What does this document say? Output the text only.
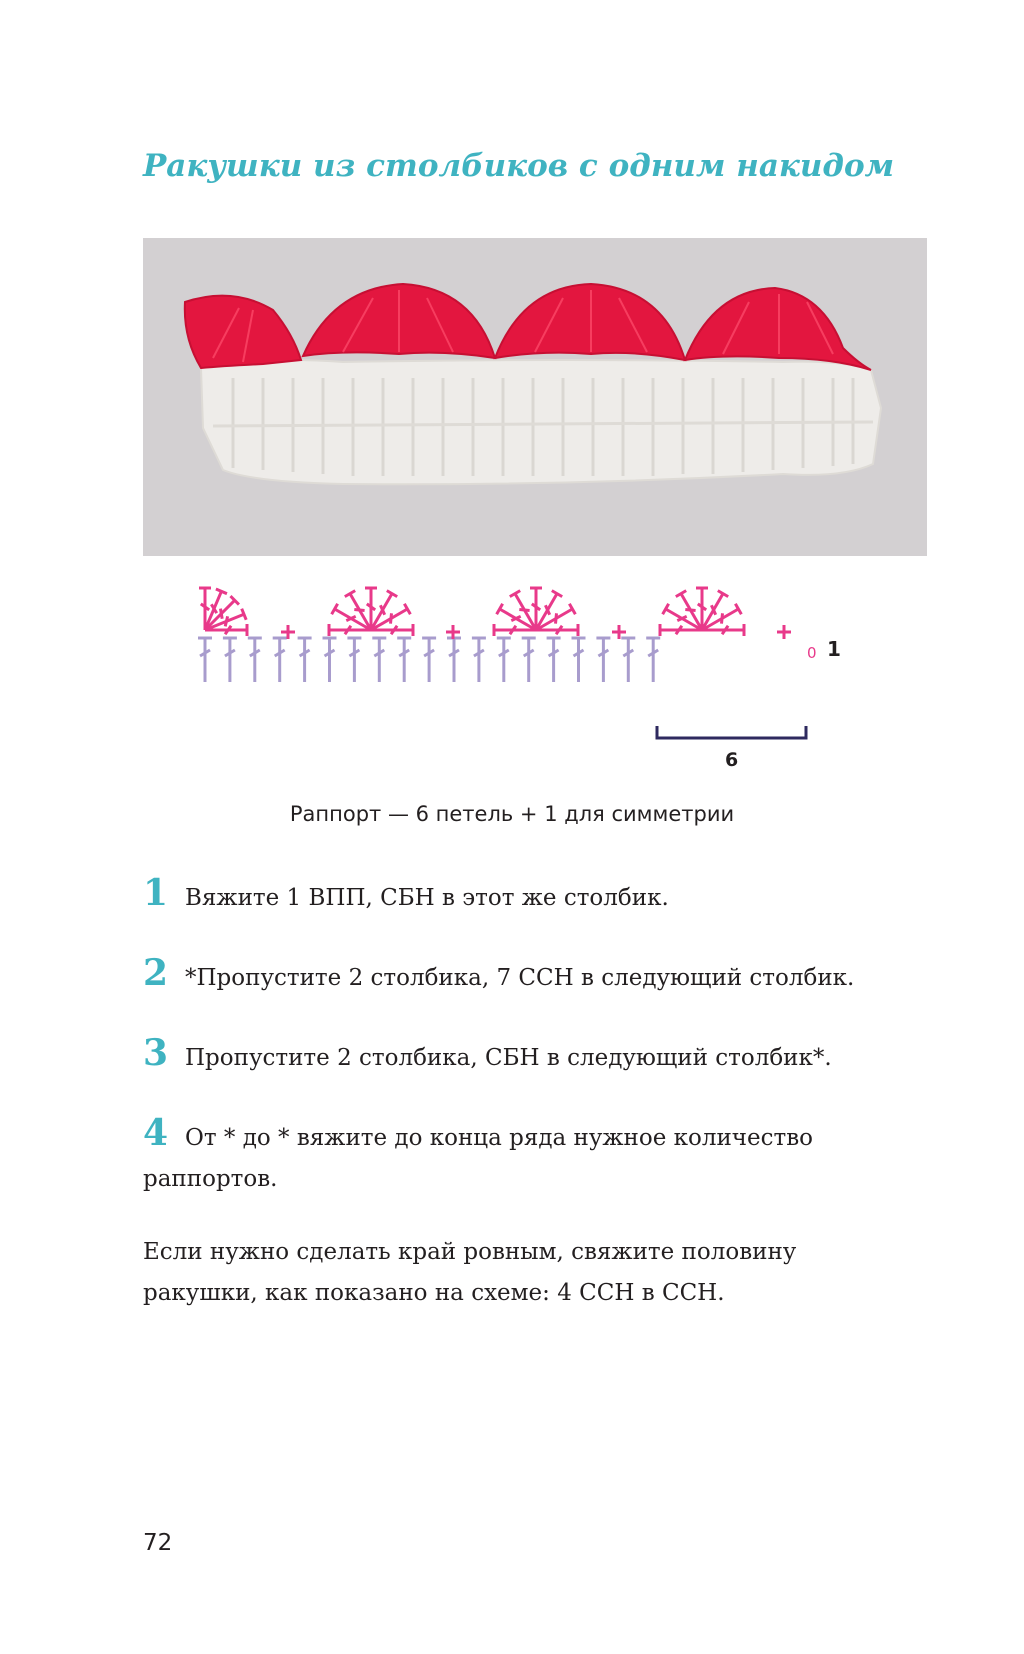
Ракушки из столбиков с одним накидом
0 1
6
Раппорт — 6 петель + 1 для симметрии
1 Вяжите 1 ВПП, СБН в этот же столбик.
2 *Пропустите 2 столбика, 7 ССН в следующий столбик.
3 Пропустите 2 столбика, СБН в следующий столбик*.
4 От * до * вяжите до конца ряда нужное количество раппортов.
Если нужно сделать край ровным, свяжите половину ракушки, как показано на схеме: 4 ССН в ССН.
72
